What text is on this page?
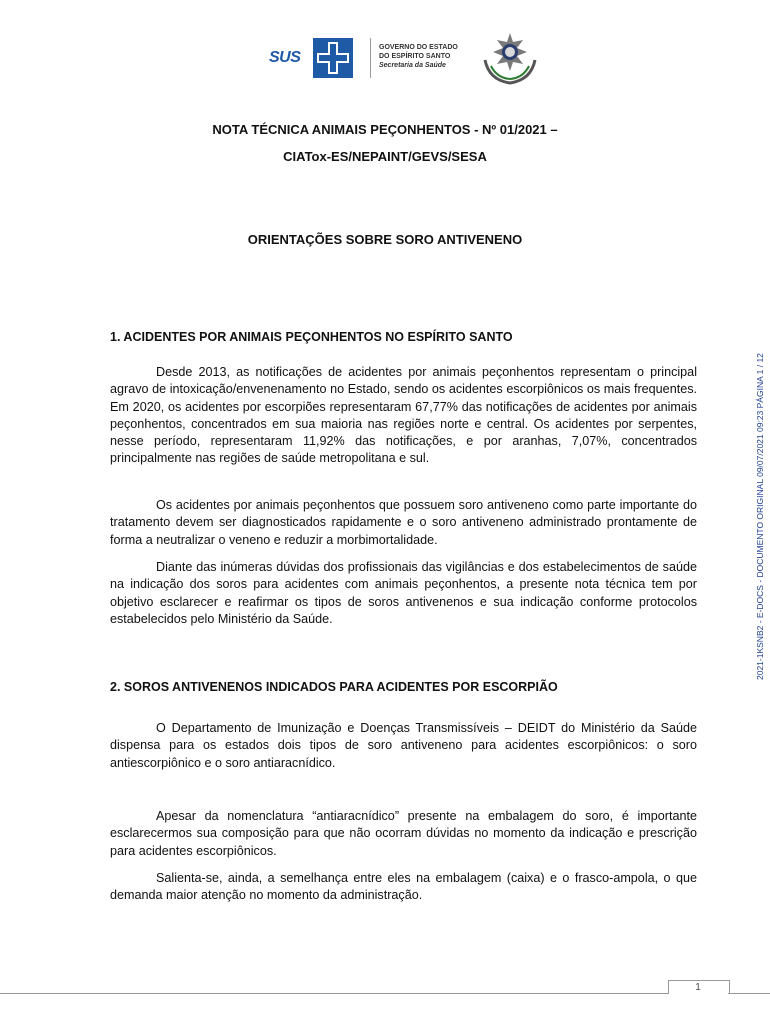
SUS
GOVERNO DO ESTADO
DO ESPÍRITO SANTO
Secretaria da Saúde
NOTA TÉCNICA ANIMAIS PEÇONHENTOS - Nº 01/2021 –
CIATox-ES/NEPAINT/GEVS/SESA
ORIENTAÇÕES SOBRE SORO ANTIVENENO
1. ACIDENTES POR ANIMAIS PEÇONHENTOS NO ESPÍRITO SANTO

Desde 2013, as notificações de acidentes por animais peçonhentos representam o principal agravo de intoxicação/envenenamento no Estado, sendo os acidentes escorpiônicos os mais frequentes. Em 2020, os acidentes por escorpiões representaram 67,77% das notificações de acidentes por animais peçonhentos, concentrados em sua maioria nas regiões norte e central. Os acidentes por serpentes, nesse período, representaram 11,92% das notificações, e por aranhas, 7,07%, concentrados principalmente nas regiões de saúde metropolitana e sul.

Os acidentes por animais peçonhentos que possuem soro antiveneno como parte importante do tratamento devem ser diagnosticados rapidamente e o soro antiveneno administrado prontamente de forma a neutralizar o veneno e reduzir a morbimortalidade.

Diante das inúmeras dúvidas dos profissionais das vigilâncias e dos estabelecimentos de saúde na indicação dos soros para acidentes com animais peçonhentos, a presente nota técnica tem por objetivo esclarecer e reafirmar os tipos de soros antivenenos e sua indicação conforme protocolos estabelecidos pelo Ministério da Saúde.

2. SOROS ANTIVENENOS INDICADOS PARA ACIDENTES POR ESCORPIÃO

O Departamento de Imunização e Doenças Transmissíveis – DEIDT do Ministério da Saúde dispensa para os estados dois tipos de soro antiveneno para acidentes escorpiônicos: o soro antiescorpiônico e o soro antiaracnídico.

Apesar da nomenclatura “antiaracnídico” presente na embalagem do soro, é importante esclarecermos sua composição para que não ocorram dúvidas no momento da indicação e prescrição para acidentes escorpiônicos.

Salienta-se, ainda, a semelhança entre eles na embalagem (caixa) e o frasco-ampola, o que demanda maior atenção no momento da administração.

2021-1KSNB2 - E-DOCS - DOCUMENTO ORIGINAL 09/07/2021 09:23 PÁGINA 1 / 12
1
